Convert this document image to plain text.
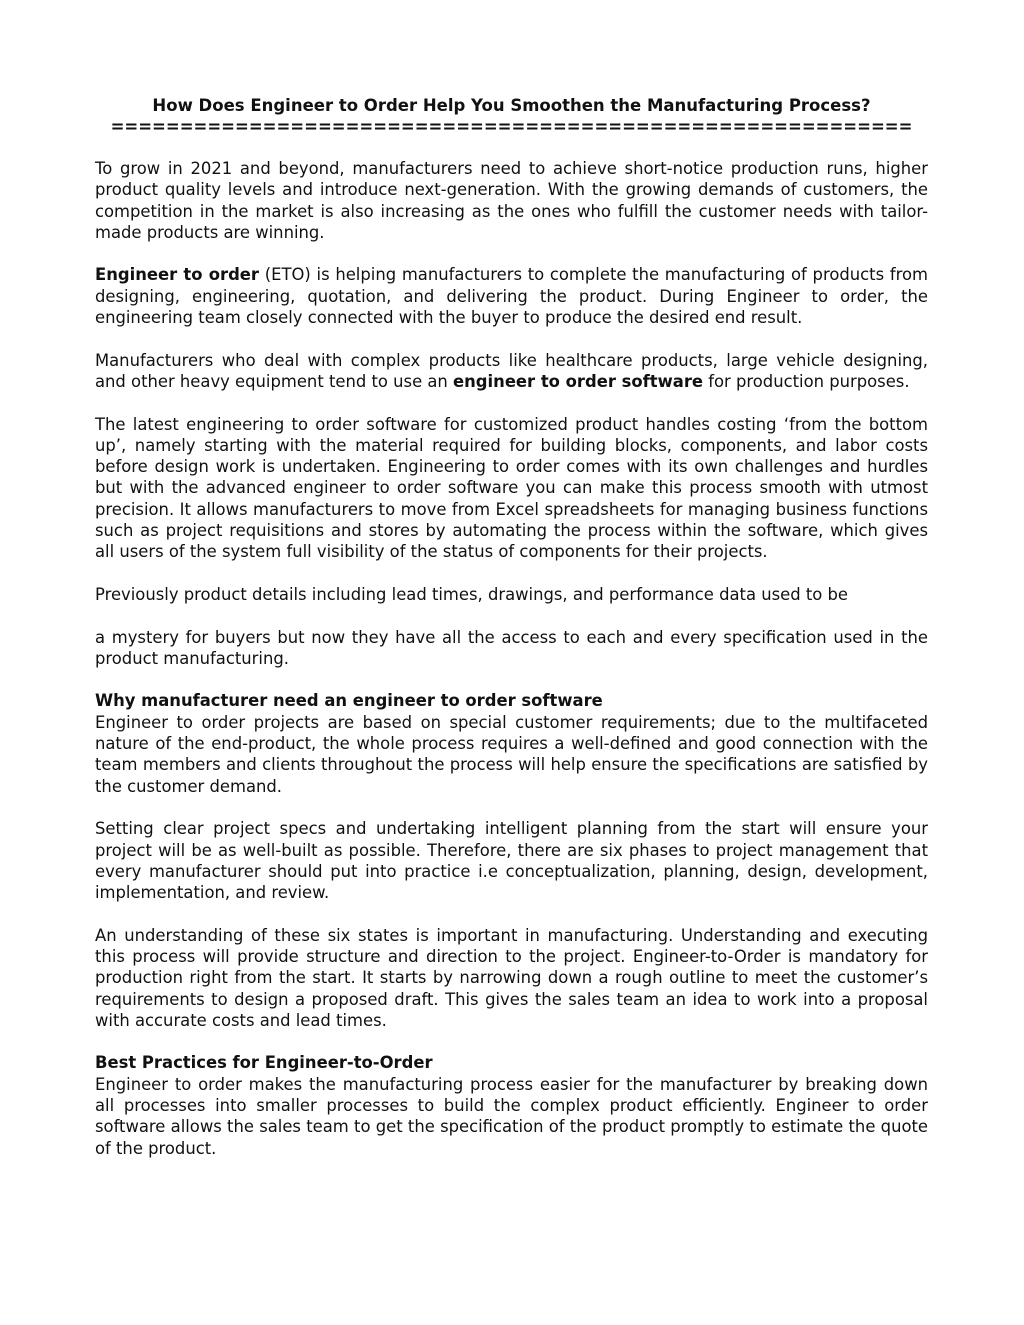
How Does Engineer to Order Help You Smoothen the Manufacturing Process?
==========================================================

To grow in 2021 and beyond, manufacturers need to achieve short-notice production runs, higher product quality levels and introduce next-generation. With the growing demands of customers, the competition in the market is also increasing as the ones who fulfill the customer needs with tailor-made products are winning.

Engineer to order (ETO) is helping manufacturers to complete the manufacturing of products from designing, engineering, quotation, and delivering the product. During Engineer to order, the engineering team closely connected with the buyer to produce the desired end result.

Manufacturers who deal with complex products like healthcare products, large vehicle designing, and other heavy equipment tend to use an engineer to order software for production purposes.

The latest engineering to order software for customized product handles costing ‘from the bottom up’, namely starting with the material required for building blocks, components, and labor costs before design work is undertaken. Engineering to order comes with its own challenges and hurdles but with the advanced engineer to order software you can make this process smooth with utmost precision. It allows manufacturers to move from Excel spreadsheets for managing business functions such as project requisitions and stores by automating the process within the software, which gives all users of the system full visibility of the status of components for their projects.

Previously product details including lead times, drawings, and performance data used to be

a mystery for buyers but now they have all the access to each and every specification used in the product manufacturing.

Why manufacturer need an engineer to order software

Engineer to order projects are based on special customer requirements; due to the multifaceted nature of the end-product, the whole process requires a well-defined and good connection with the team members and clients throughout the process will help ensure the specifications are satisfied by the customer demand.

Setting clear project specs and undertaking intelligent planning from the start will ensure your project will be as well-built as possible. Therefore, there are six phases to project management that every manufacturer should put into practice i.e conceptualization, planning, design, development, implementation, and review.

An understanding of these six states is important in manufacturing. Understanding and executing this process will provide structure and direction to the project. Engineer-to-Order is mandatory for production right from the start. It starts by narrowing down a rough outline to meet the customer’s requirements to design a proposed draft. This gives the sales team an idea to work into a proposal with accurate costs and lead times.

Best Practices for Engineer-to-Order

Engineer to order makes the manufacturing process easier for the manufacturer by breaking down all processes into smaller processes to build the complex product efficiently. Engineer to order software allows the sales team to get the specification of the product promptly to estimate the quote of the product.
